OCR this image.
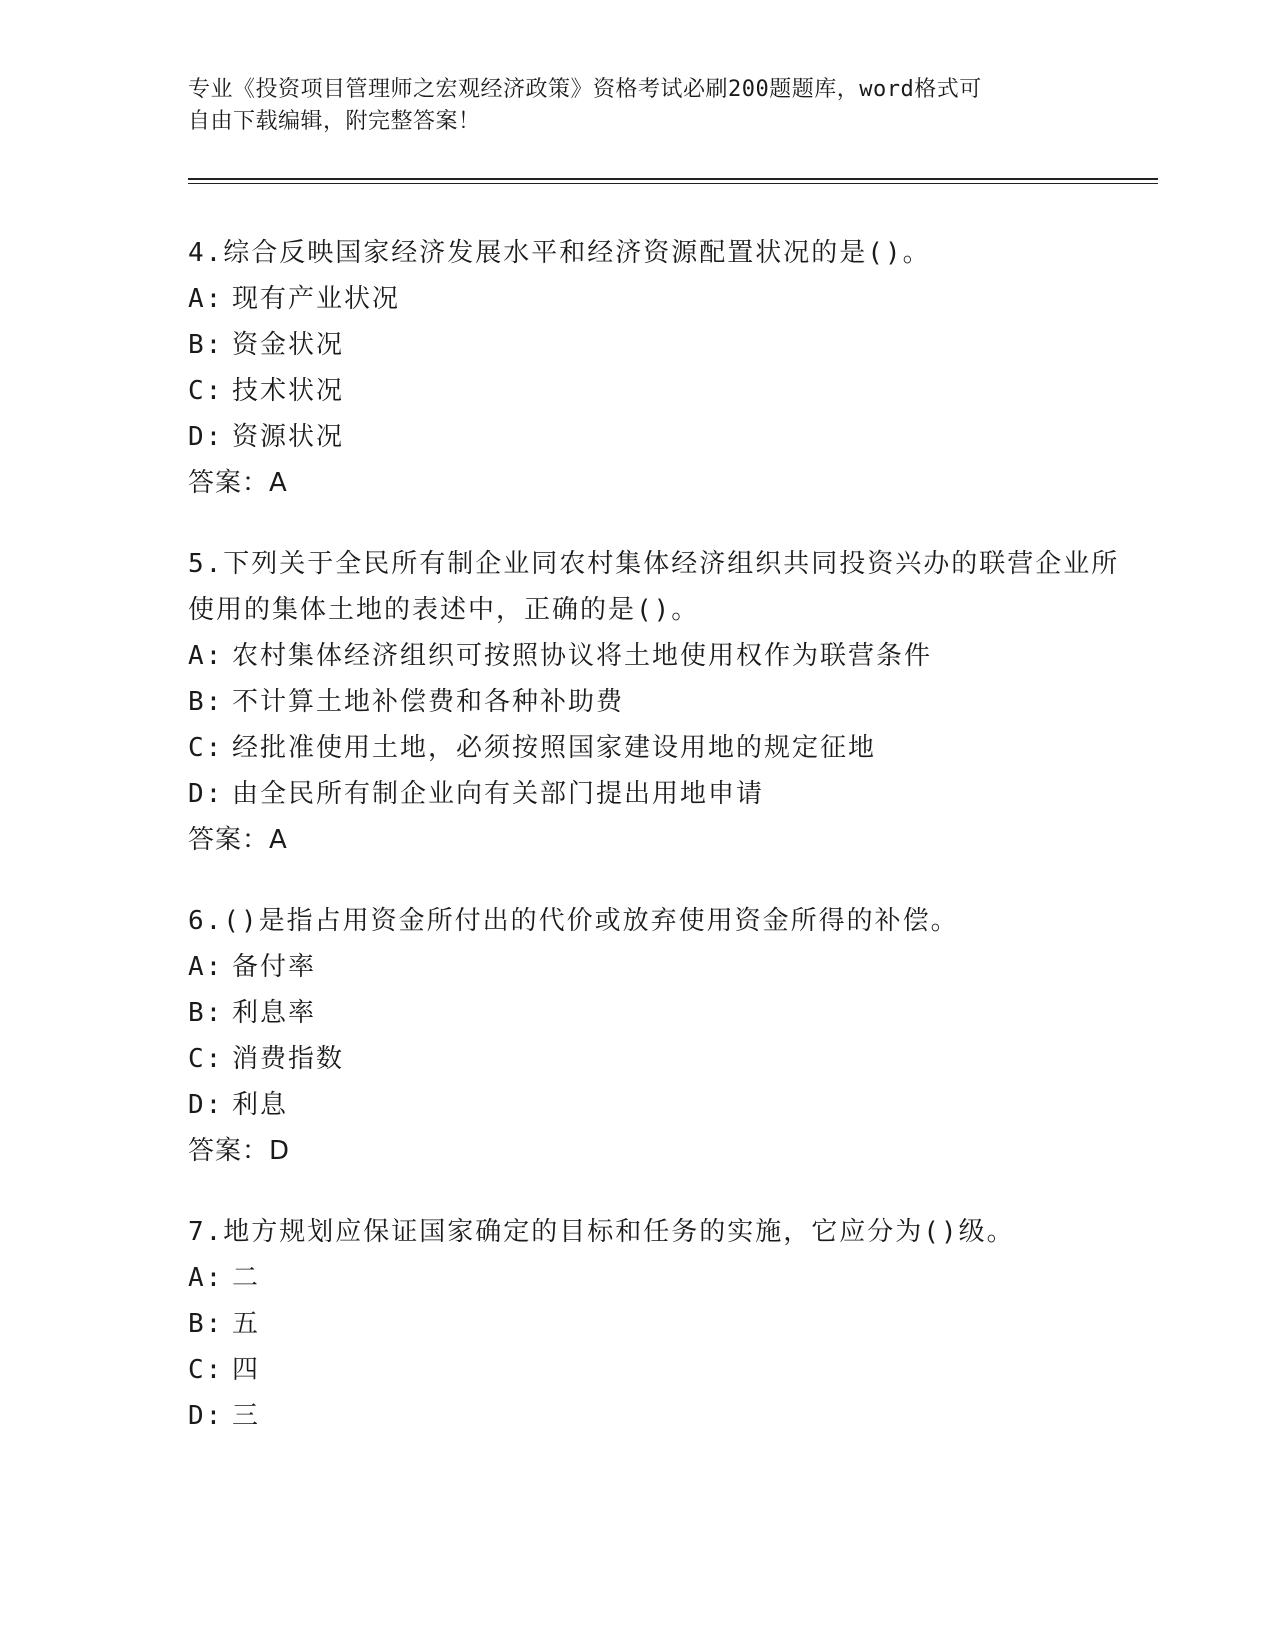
专业《投资项目管理师之宏观经济政策》资格考试必刷200题题库，word格式可
自由下载编辑，附完整答案！
4.综合反映国家经济发展水平和经济资源配置状况的是()。
A: 现有产业状况
B: 资金状况
C: 技术状况
D: 资源状况
答案：A
5.下列关于全民所有制企业同农村集体经济组织共同投资兴办的联营企业所使用的集体土地的表述中，正确的是()。
A: 农村集体经济组织可按照协议将土地使用权作为联营条件
B: 不计算土地补偿费和各种补助费
C: 经批准使用土地，必须按照国家建设用地的规定征地
D: 由全民所有制企业向有关部门提出用地申请
答案：A
6.()是指占用资金所付出的代价或放弃使用资金所得的补偿。
A: 备付率
B: 利息率
C: 消费指数
D: 利息
答案：D
7.地方规划应保证国家确定的目标和任务的实施，它应分为()级。
A: 二
B: 五
C: 四
D: 三
